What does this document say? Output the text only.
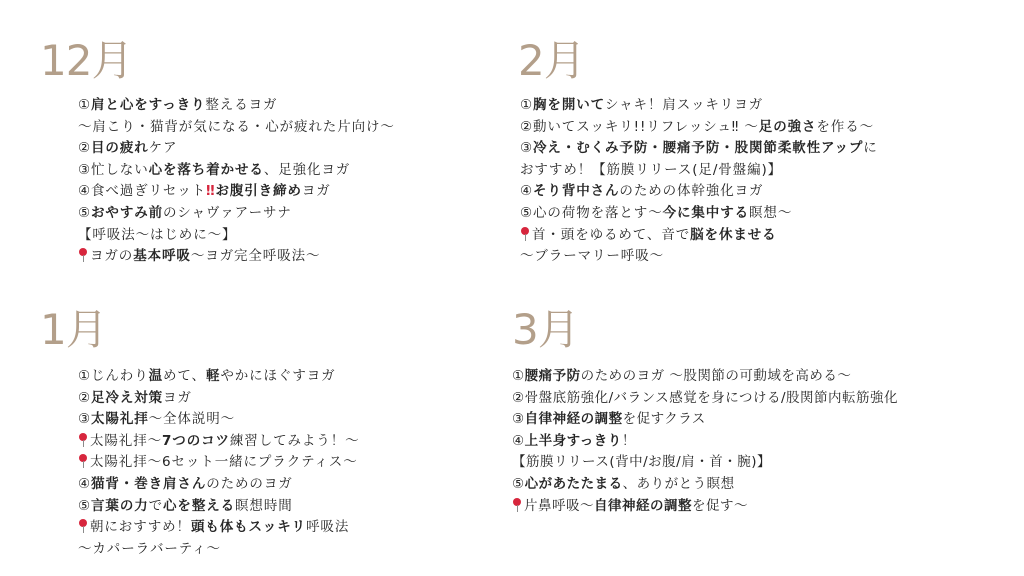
12月
①肩と心をすっきり整えるヨガ
～肩こり・猫背が気になる・心が疲れた片向け～
②目の疲れケア
③忙しない心を落ち着かせる、足強化ヨガ
④食べ過ぎリセット‼お腹引き締めヨガ
⑤おやすみ前のシャヴァアーサナ
【呼吸法～はじめに～】
ヨガの基本呼吸～ヨガ完全呼吸法～
1月
①じんわり温めて、軽やかにほぐすヨガ
②足冷え対策ヨガ
③太陽礼拝～全体説明～
太陽礼拝～7つのコツ練習してみよう！～
太陽礼拝～6セット一緒にプラクティス～
④猫背・巻き肩さんのためのヨガ
⑤言葉の力で心を整える瞑想時間
朝におすすめ！頭も体もスッキリ呼吸法
～カパーラバーティ～
2月
①胸を開いてシャキ！肩スッキリヨガ
②動いてスッキリ!!リフレッシュ‼ ～足の強さを作る～
③冷え・むくみ予防・腰痛予防・股関節柔軟性アップに
おすすめ！【筋膜リリース(足/骨盤編)】
④そり背中さんのための体幹強化ヨガ
⑤心の荷物を落とす～今に集中する瞑想～
首・頭をゆるめて、音で脳を休ませる
～ブラーマリー呼吸～
3月
①腰痛予防のためのヨガ ～股関節の可動域を高める～
②骨盤底筋強化/バランス感覚を身につける/股関節内転筋強化
③自律神経の調整を促すクラス
④上半身すっきり！
【筋膜リリース(背中/お腹/肩・首・腕)】
⑤心があたたまる、ありがとう瞑想
片鼻呼吸～自律神経の調整を促す～
